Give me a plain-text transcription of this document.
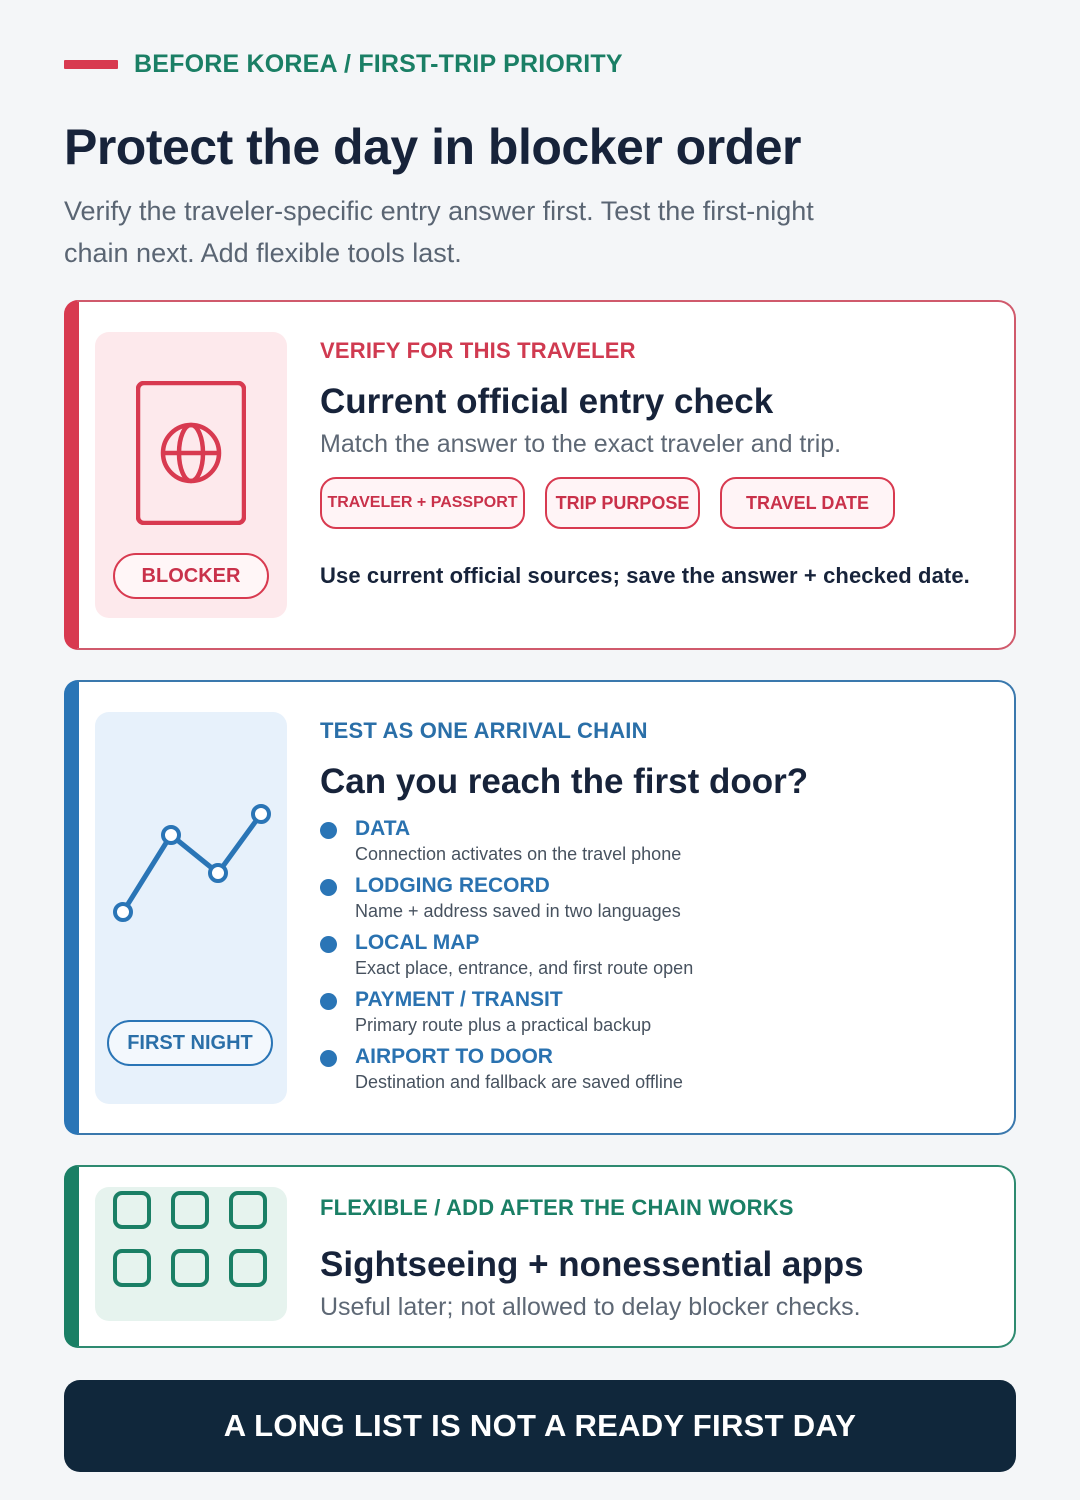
BEFORE KOREA / FIRST-TRIP PRIORITY
Protect the day in blocker order
Verify the traveler-specific entry answer first. Test the first-night chain next. Add flexible tools last.
BLOCKER
VERIFY FOR THIS TRAVELER
Current official entry check
Match the answer to the exact traveler and trip.
TRAVELER + PASSPORT	TRIP PURPOSE	TRAVEL DATE
Use current official sources; save the answer + checked date.
FIRST NIGHT
TEST AS ONE ARRIVAL CHAIN
Can you reach the first door?
DATA
Connection activates on the travel phone
LODGING RECORD
Name + address saved in two languages
LOCAL MAP
Exact place, entrance, and first route open
PAYMENT / TRANSIT
Primary route plus a practical backup
AIRPORT TO DOOR
Destination and fallback are saved offline
FLEXIBLE / ADD AFTER THE CHAIN WORKS
Sightseeing + nonessential apps
Useful later; not allowed to delay blocker checks.
A LONG LIST IS NOT A READY FIRST DAY
